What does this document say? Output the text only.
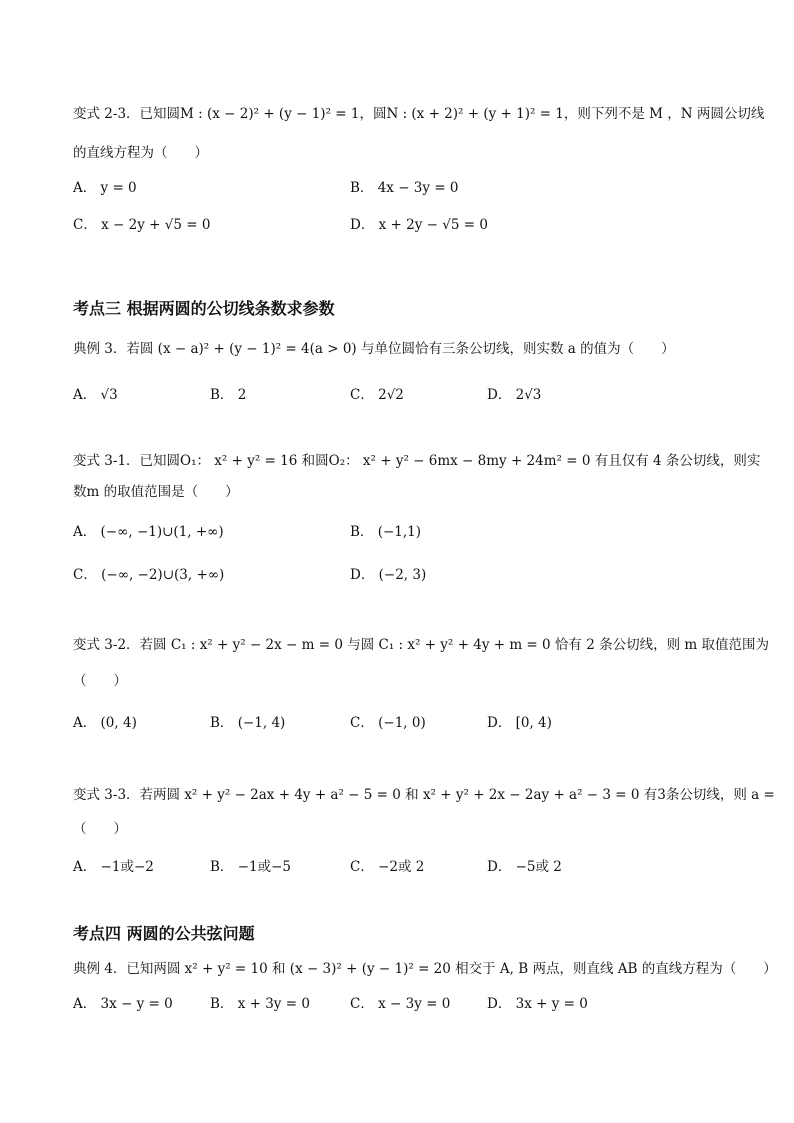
变式 2-3．已知圆M : (x − 2)² + (y − 1)² = 1，圆N : (x + 2)² + (y + 1)² = 1，则下列不是 M ，N 两圆公切线
的直线方程为（　　）
A． y = 0	B． 4x − 3y = 0
C． x − 2y + √5 = 0	D． x + 2y − √5 = 0
考点三 根据两圆的公切线条数求参数
典例 3．若圆 (x − a)² + (y − 1)² = 4(a > 0) 与单位圆恰有三条公切线，则实数 a 的值为（　　）
A． √3	B． 2	C． 2√2	D． 2√3
变式 3-1．已知圆O₁： x² + y² = 16 和圆O₂： x² + y² − 6mx − 8my + 24m² = 0 有且仅有 4 条公切线，则实
数m 的取值范围是（　　）
A． (−∞, −1)∪(1, +∞)	B． (−1,1)
C． (−∞, −2)∪(3, +∞)	D． (−2, 3)
变式 3-2．若圆 C₁ : x² + y² − 2x − m = 0 与圆 C₁ : x² + y² + 4y + m = 0 恰有 2 条公切线，则 m 取值范围为
（　　）
A． (0, 4)	B． (−1, 4)	C． (−1, 0)	D． [0, 4)
变式 3-3．若两圆 x² + y² − 2ax + 4y + a² − 5 = 0 和 x² + y² + 2x − 2ay + a² − 3 = 0 有3条公切线，则 a =
（　　）
A． −1或−2	B． −1或−5	C． −2或 2	D． −5或 2
考点四 两圆的公共弦问题
典例 4．已知两圆 x² + y² = 10 和 (x − 3)² + (y − 1)² = 20 相交于 A, B 两点，则直线 AB 的直线方程为（　　）
A． 3x − y = 0	B． x + 3y = 0	C． x − 3y = 0	D． 3x + y = 0
